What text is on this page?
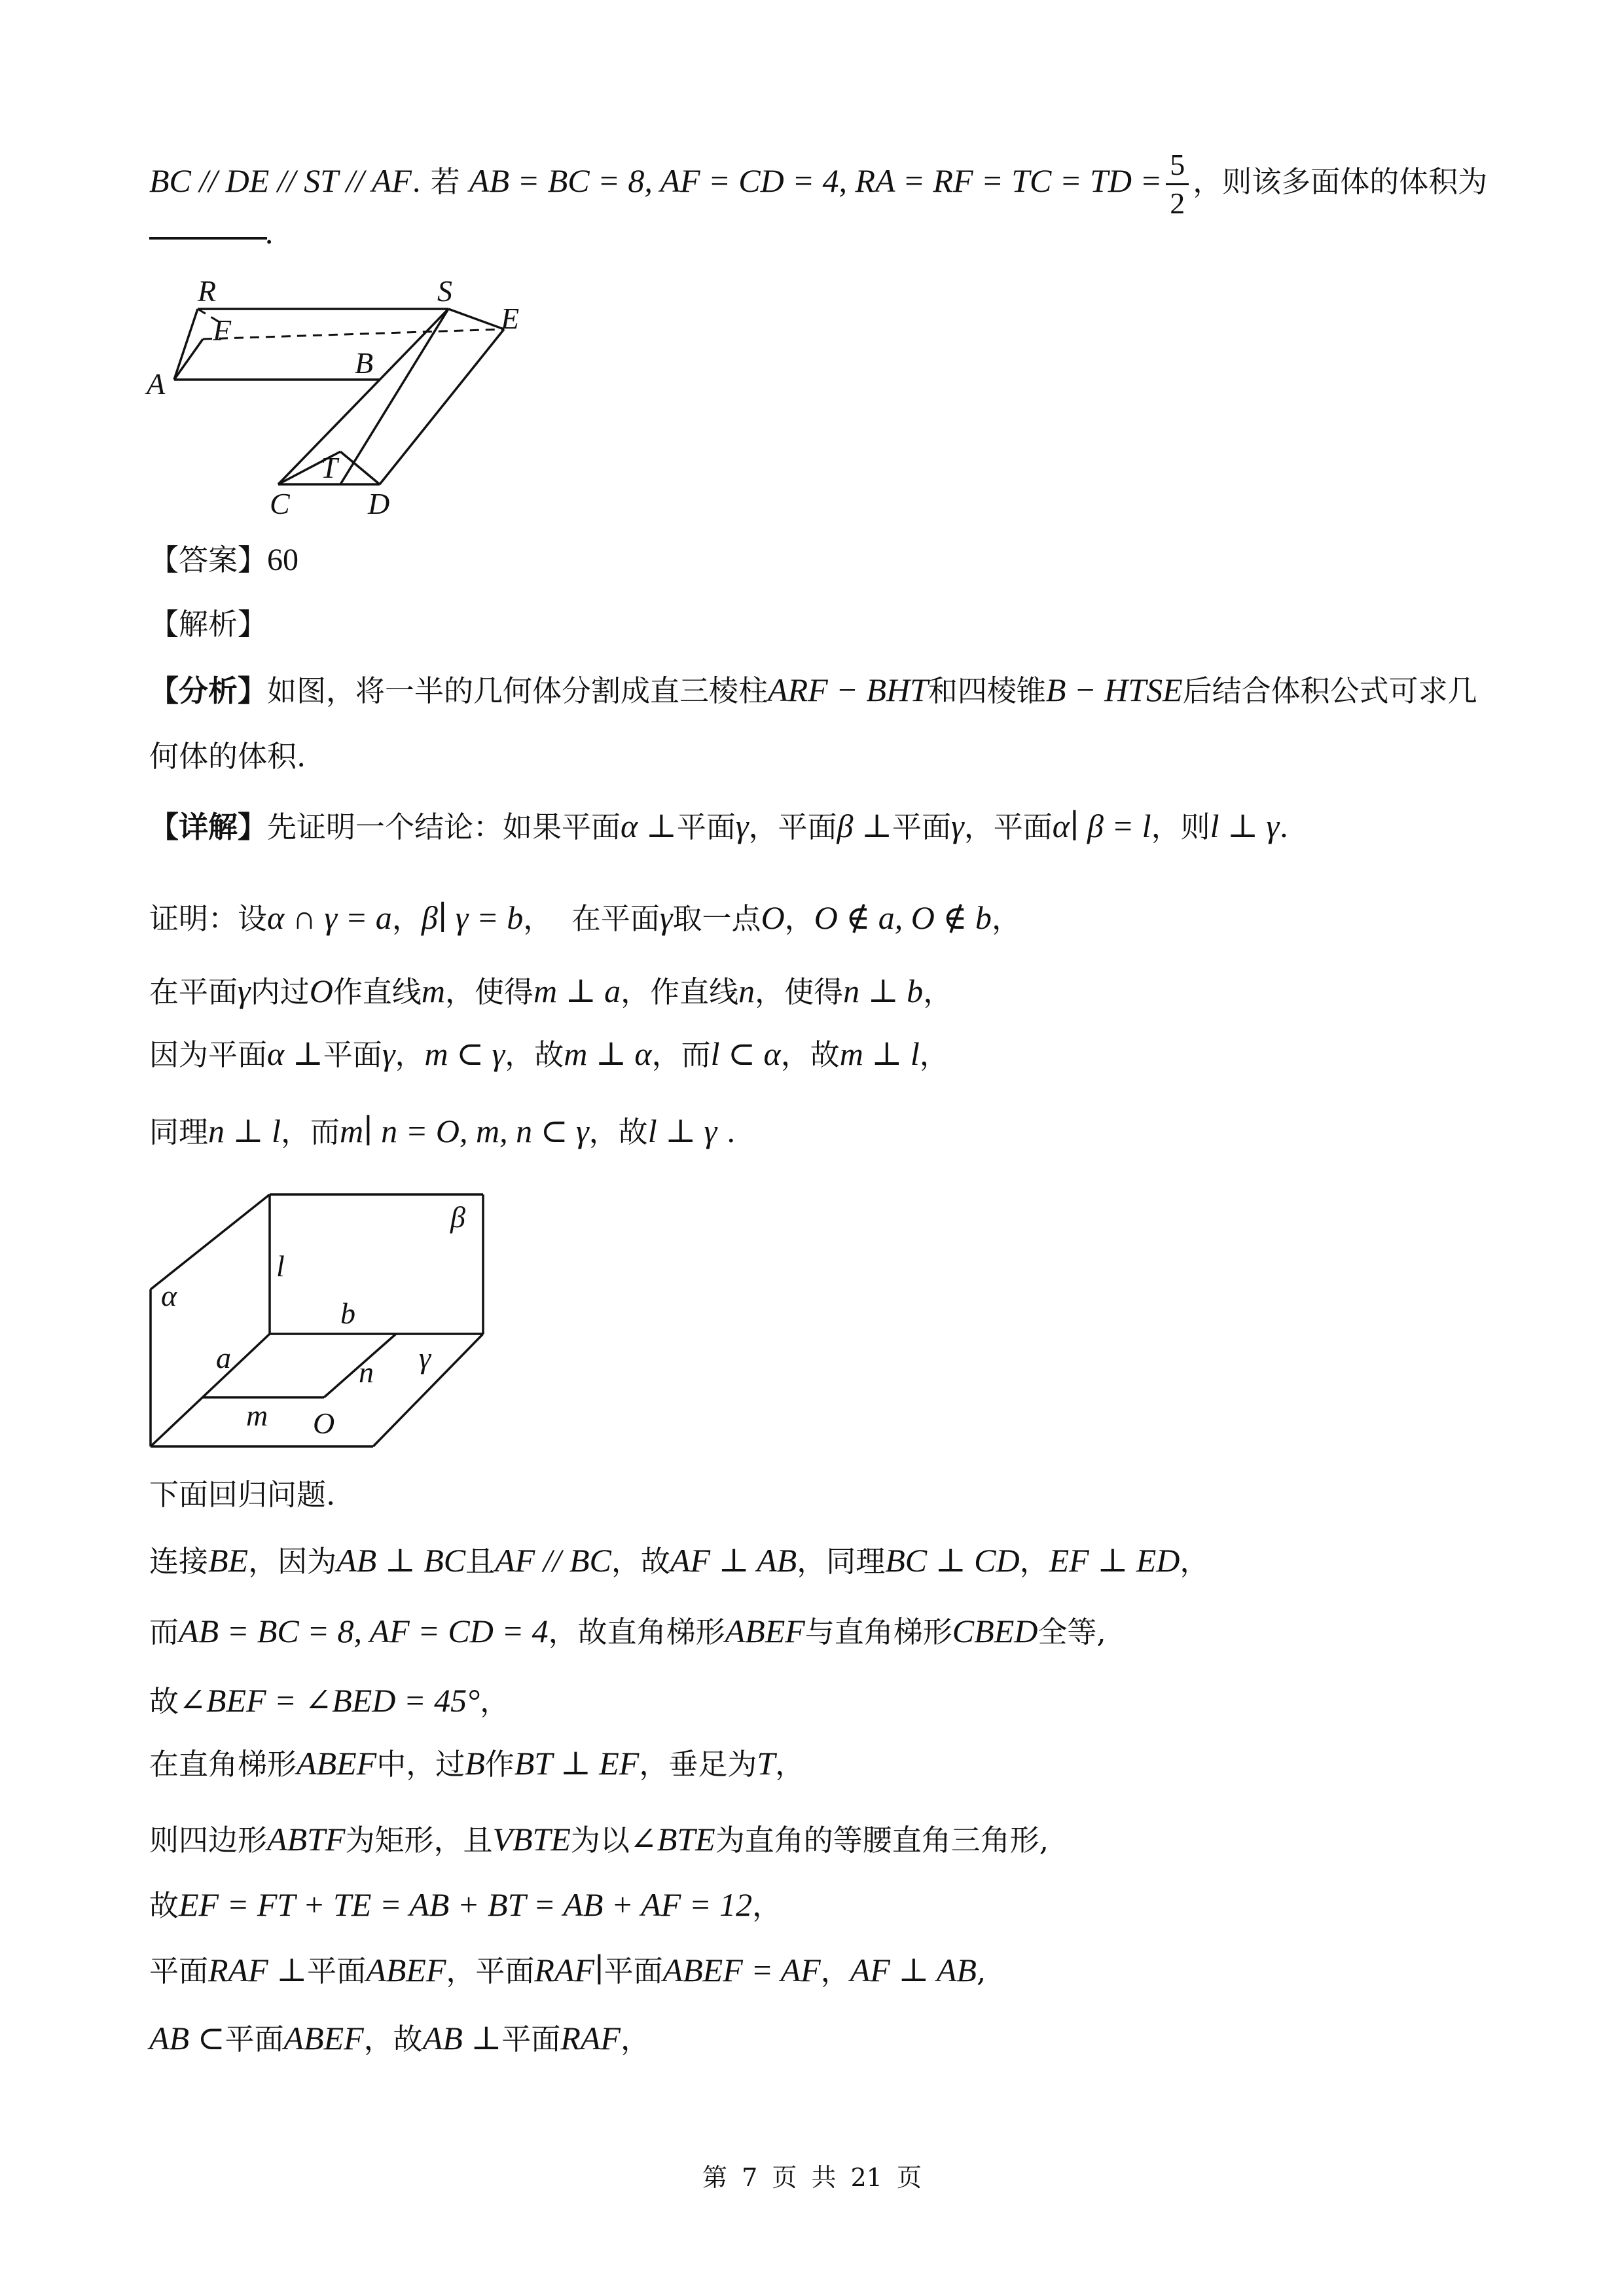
BC // DE // ST // AF. 若 AB = BC = 8, AF = CD = 4, RA = RF = TC = TD = $\frac{5}{2}$ ，则该多面体的体积为
.
R	S
E
F
A
B
T
C	D
【答案】60
【解析】
【分析】如图，将一半的几何体分割成直三棱柱ARF − BHT和四棱锥B − HTSE后结合体积公式可求几
何体的体积.
【详解】先证明一个结论：如果平面α ⊥平面γ，平面β ⊥平面γ，平面α∣ β = l，则l ⊥ γ.
证明：设α ∩ γ = a，β∣ γ = b，  在平面γ取一点O，O ∉ a, O ∉ b，
在平面γ内过O作直线m，使得m ⊥ a，作直线n，使得n ⊥ b，
因为平面α ⊥平面γ，m ⊂ γ，故m ⊥ α，而l ⊂ α，故m ⊥ l，
同理n ⊥ l，而m∣ n = O, m, n ⊂ γ，故l ⊥ γ .
β
l
α
b
a	γ
n
m O
下面回归问题.
连接BE，因为AB ⊥ BC且AF // BC，故AF ⊥ AB，同理BC ⊥ CD，EF ⊥ ED，
而AB = BC = 8, AF = CD = 4，故直角梯形ABEF与直角梯形CBED全等,
故∠BEF = ∠BED = 45°，
在直角梯形ABEF中，过B作BT ⊥ EF，垂足为T，
则四边形ABTF为矩形，且VBTE为以∠BTE为直角的等腰直角三角形,
故EF = FT + TE = AB + BT = AB + AF = 12，
平面RAF ⊥平面ABEF，平面RAF∣平面ABEF = AF，AF ⊥ AB,
AB ⊂平面ABEF，故AB ⊥平面RAF，
第 7 页 共 21 页
